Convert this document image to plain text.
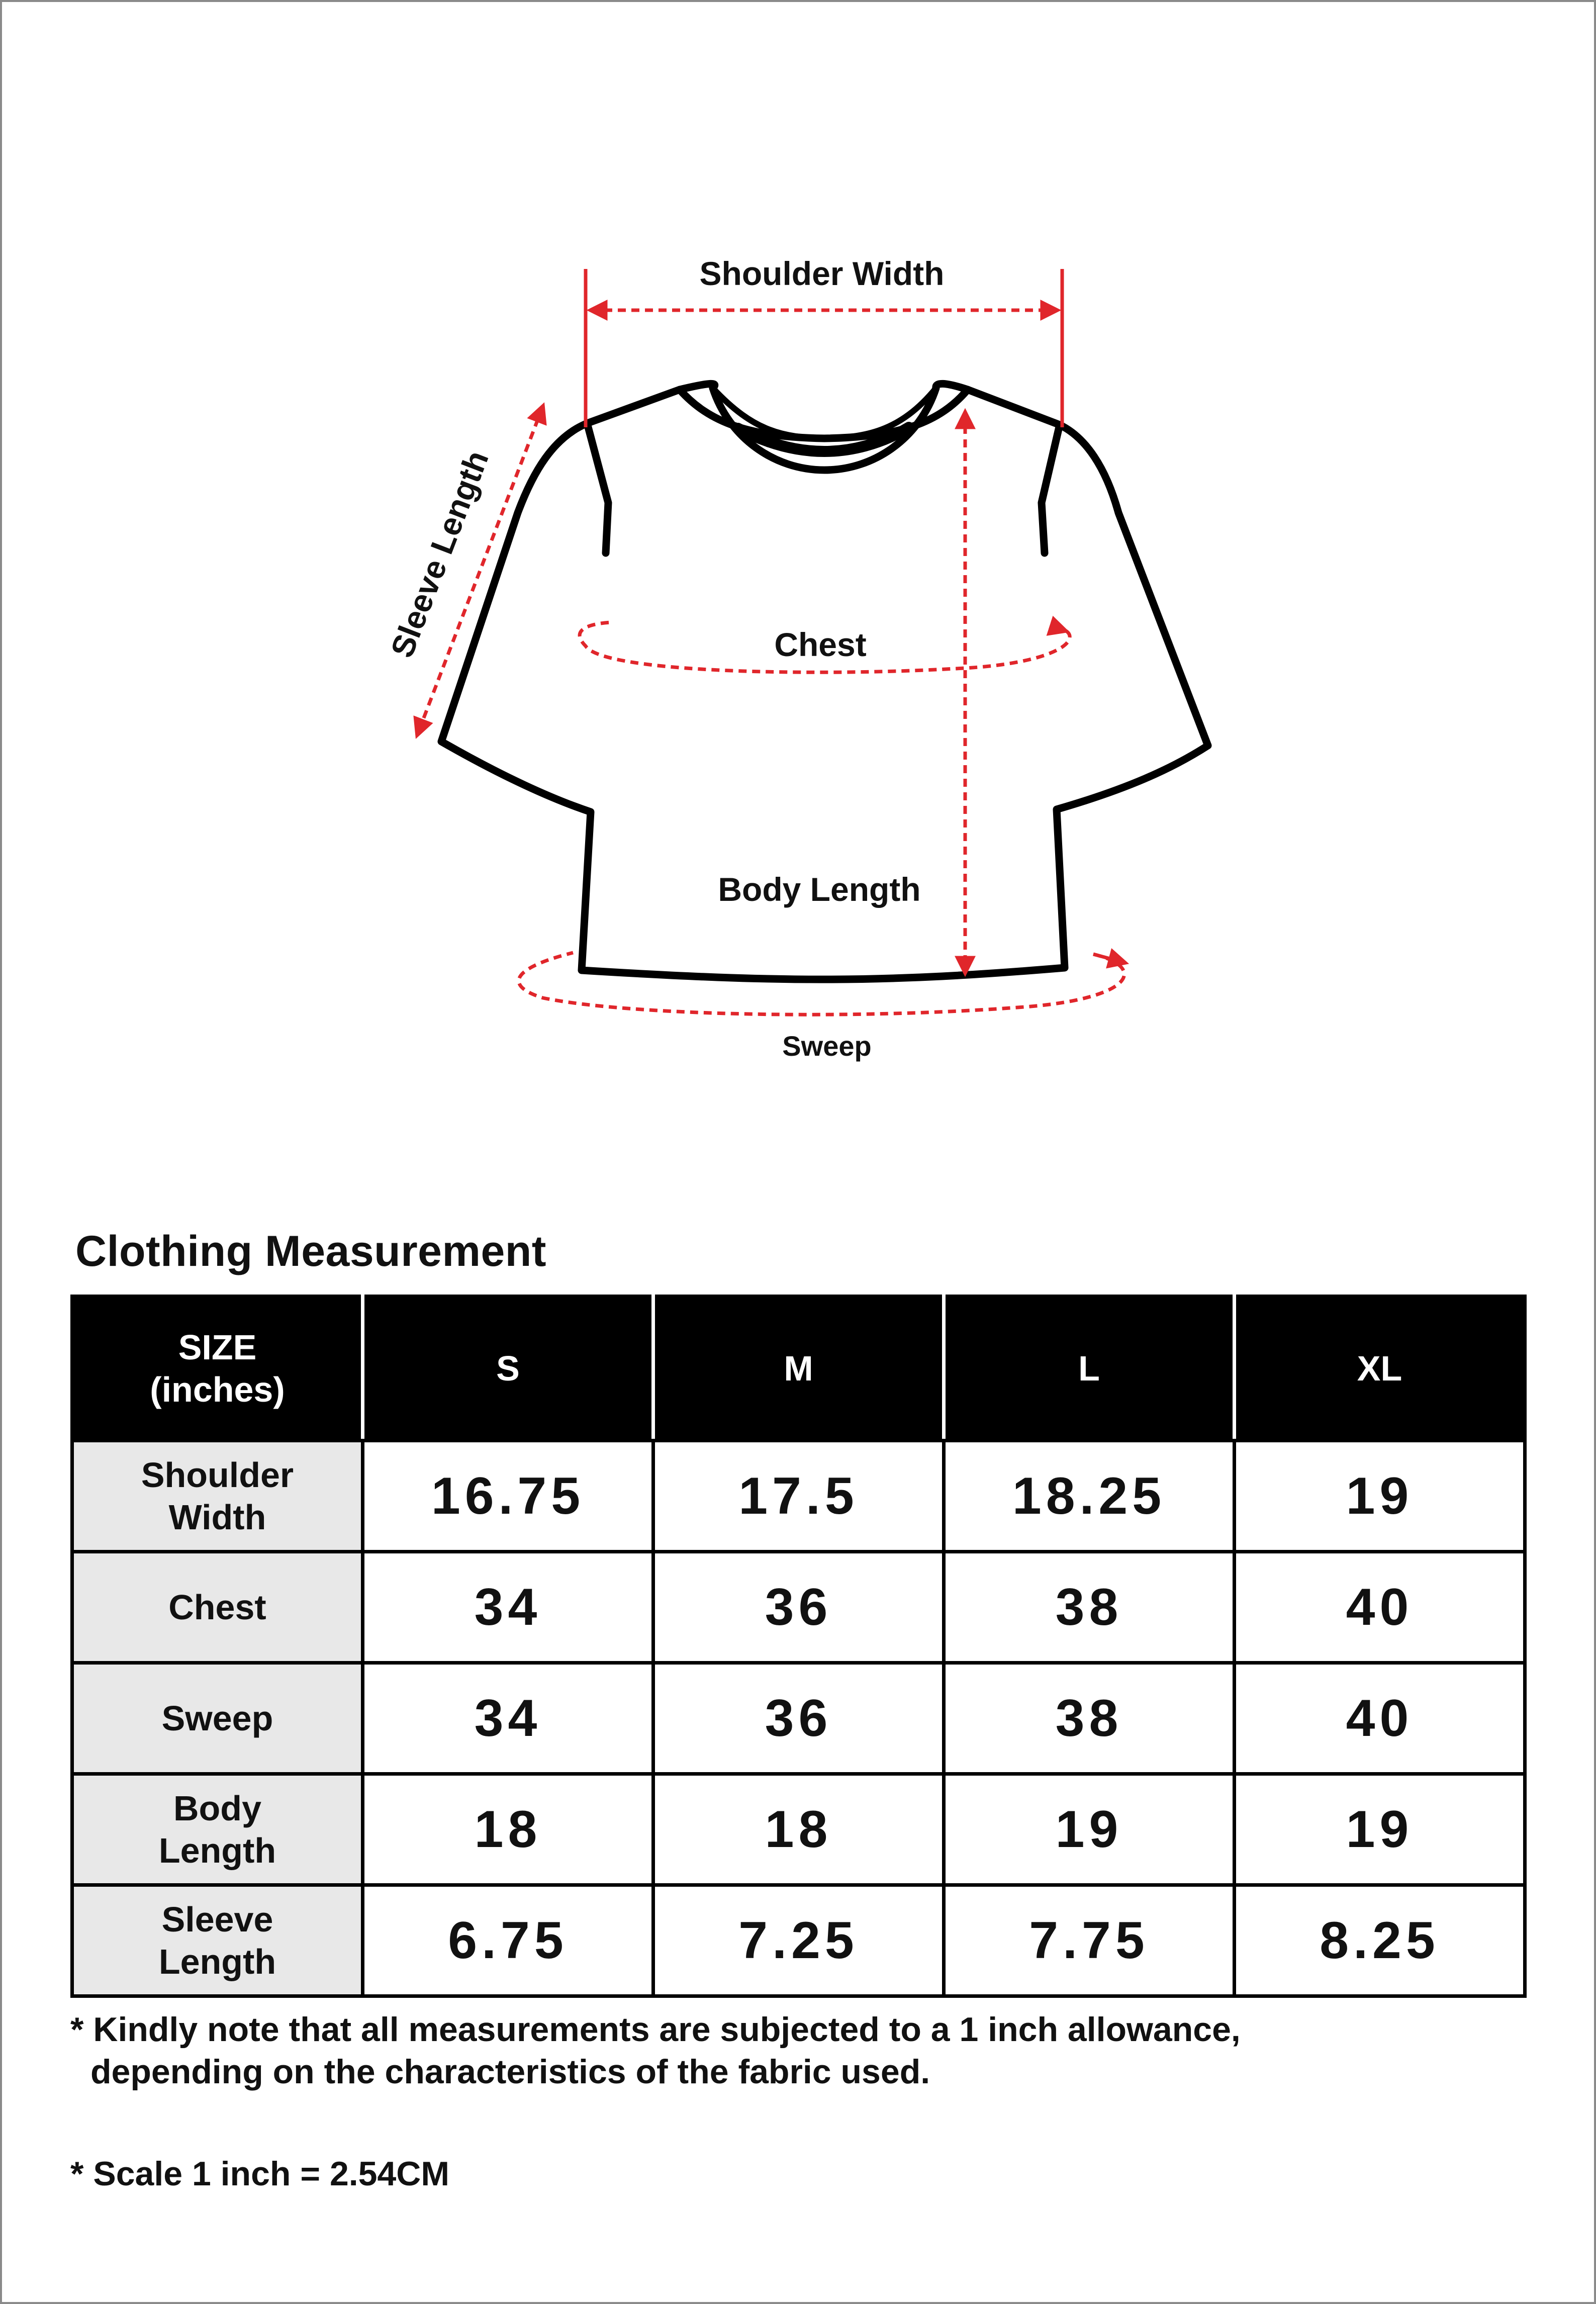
Shoulder Width
Sleeve Length	Chest
Body Length
Sweep
Clothing Measurement
SIZE
(inches)	S	M	L	XL
Shoulder
Width	16.75	17.5	18.25	19
Chest	34	36	38	40
Sweep	34	36	38	40
Body
Length	18	18	19	19
Sleeve
Length	6.75	7.25	7.75	8.25
* Kindly note that all measurements are subjected to a 1 inch allowance,
depending on the characteristics of the fabric used.
* Scale 1 inch = 2.54CM
